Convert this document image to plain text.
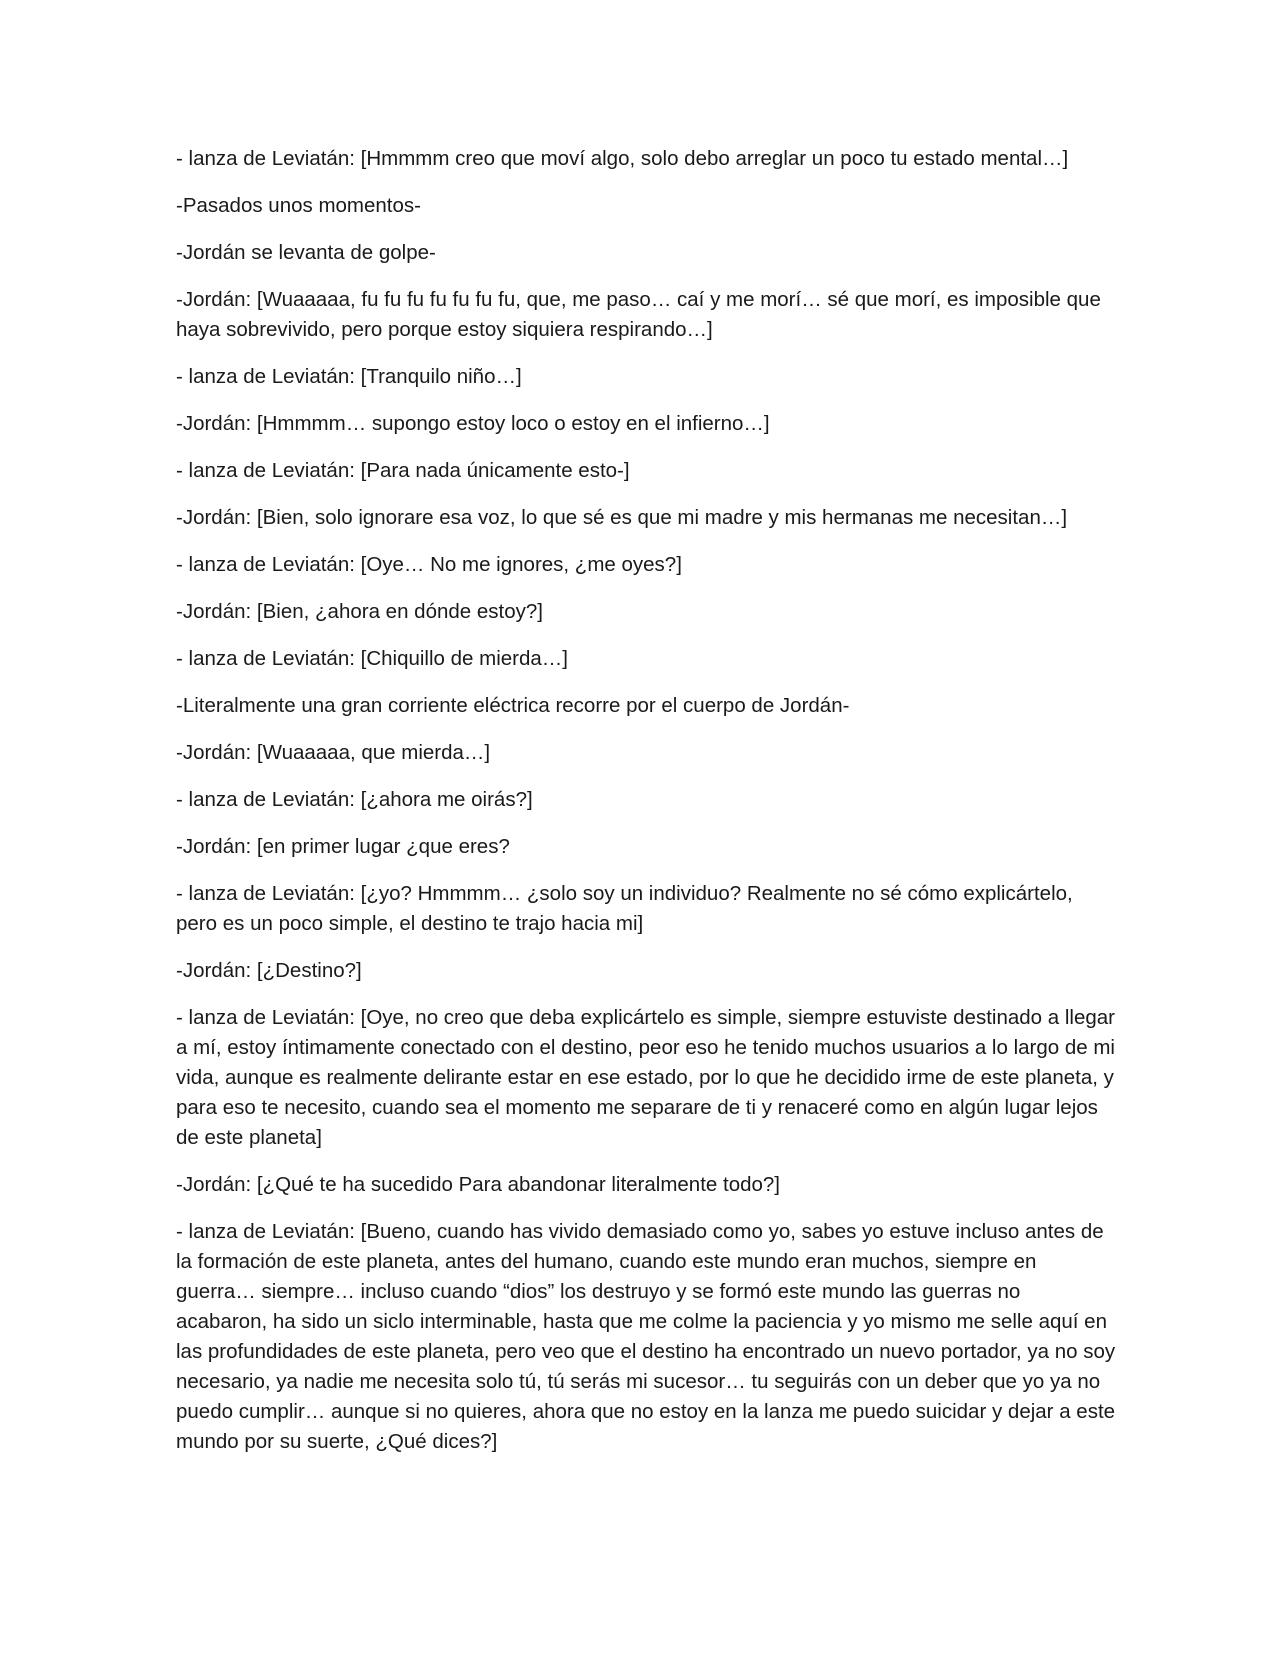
- lanza de Leviatán: [Hmmmm creo que moví algo, solo debo arreglar un poco tu estado mental…]

-Pasados unos momentos-

-Jordán se levanta de golpe-

-Jordán: [Wuaaaaa, fu fu fu fu fu fu fu, que, me paso… caí y me morí… sé que morí, es imposible que haya sobrevivido, pero porque estoy siquiera respirando…]

- lanza de Leviatán: [Tranquilo niño…]

-Jordán: [Hmmmm… supongo estoy loco o estoy en el infierno…]

- lanza de Leviatán: [Para nada únicamente esto-]

-Jordán: [Bien, solo ignorare esa voz, lo que sé es que mi madre y mis hermanas me necesitan…]

- lanza de Leviatán: [Oye… No me ignores, ¿me oyes?]

-Jordán: [Bien, ¿ahora en dónde estoy?]

- lanza de Leviatán: [Chiquillo de mierda…]

-Literalmente una gran corriente eléctrica recorre por el cuerpo de Jordán-

-Jordán: [Wuaaaaa, que mierda…]

- lanza de Leviatán: [¿ahora me oirás?]

-Jordán: [en primer lugar ¿que eres?

- lanza de Leviatán: [¿yo? Hmmmm… ¿solo soy un individuo? Realmente no sé cómo explicártelo, pero es un poco simple, el destino te trajo hacia mi]

-Jordán: [¿Destino?]

- lanza de Leviatán: [Oye, no creo que deba explicártelo es simple, siempre estuviste destinado a llegar a mí, estoy íntimamente conectado con el destino, peor eso he tenido muchos usuarios a lo largo de mi vida, aunque es realmente delirante estar en ese estado, por lo que he decidido irme de este planeta, y para eso te necesito, cuando sea el momento me separare de ti y renaceré como en algún lugar lejos de este planeta]

-Jordán: [¿Qué te ha sucedido Para abandonar literalmente todo?]

- lanza de Leviatán: [Bueno, cuando has vivido demasiado como yo, sabes yo estuve incluso antes de la formación de este planeta, antes del humano, cuando este mundo eran muchos, siempre en guerra… siempre… incluso cuando “dios” los destruyo y se formó este mundo las guerras no acabaron, ha sido un siclo interminable, hasta que me colme la paciencia y yo mismo me selle aquí en las profundidades de este planeta, pero veo que el destino ha encontrado un nuevo portador, ya no soy necesario, ya nadie me necesita solo tú, tú serás mi sucesor… tu seguirás con un deber que yo ya no puedo cumplir… aunque si no quieres, ahora que no estoy en la lanza me puedo suicidar y dejar a este mundo por su suerte, ¿Qué dices?]
